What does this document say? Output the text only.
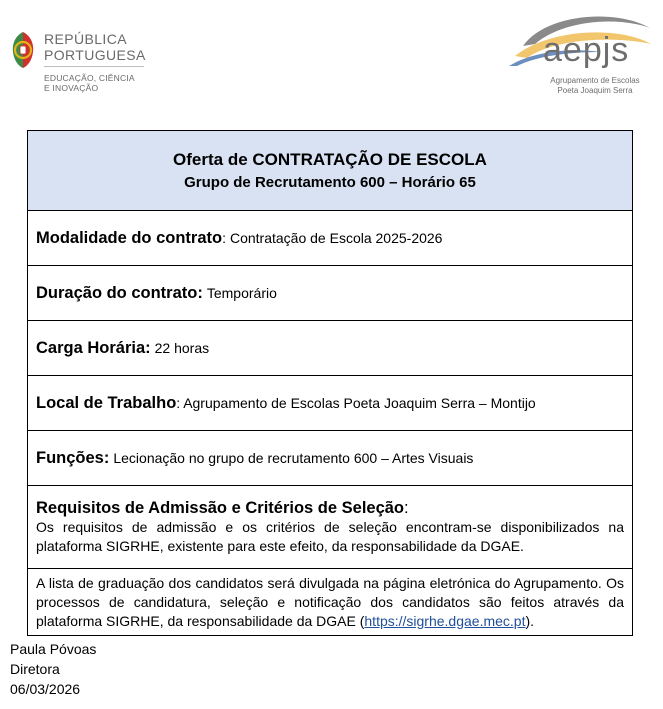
REPÚBLICA
PORTUGUESA
EDUCAÇÃO, CIÊNCIA
E INOVAÇÃO
aepjs
Agrupamento de Escolas
Poeta Joaquim Serra
Oferta de CONTRATAÇÃO DE ESCOLA
Grupo de Recrutamento 600 – Horário 65
Modalidade do contrato : Contratação de Escola 2025-2026
Duração do contrato: Temporário
Carga Horária: 22 horas
Local de Trabalho : Agrupamento de Escolas Poeta Joaquim Serra – Montijo
Funções: Lecionação no grupo de recrutamento 600 – Artes Visuais
Requisitos de Admissão e Critérios de Seleção:
Os requisitos de admissão e os critérios de seleção encontram-se disponibilizados na plataforma SIGRHE, existente para este efeito, da responsabilidade da DGAE.
A lista de graduação dos candidatos será divulgada na página eletrónica do Agrupamento. Os processos de candidatura, seleção e notificação dos candidatos são feitos através da plataforma SIGRHE, da responsabilidade da DGAE (https://sigrhe.dgae.mec.pt).
Paula Póvoas
Diretora
06/03/2026
